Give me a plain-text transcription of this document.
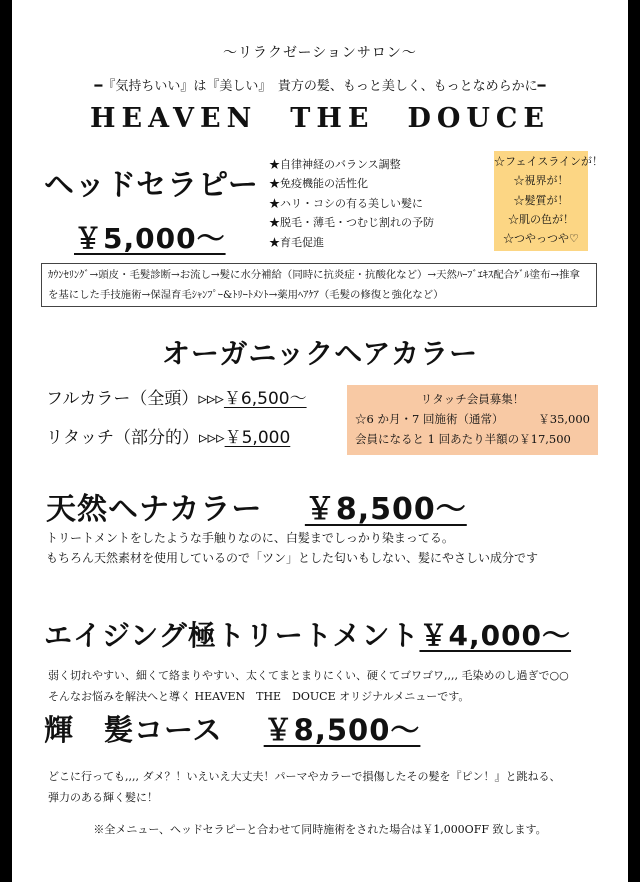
～リラクゼーションサロン～
━『気持ちいい』は『美しい』　貴方の髪、もっと美しく、もっとなめらかに━
HEAVEN　THE　DOUCE
ヘッドセラピー
￥5,000～
★自律神経のバランス調整
★免疫機能の活性化
★ハリ・コシの有る美しい髪に
★脱毛・薄毛・つむじ割れの予防
★育毛促進
☆フェイスラインが！
☆視界が！
☆髪質が！
☆肌の色が！
☆つやっつや♡
ｶｳﾝｾﾘﾝｸﾞ→頭皮・毛髪診断→お流し→髪に水分補給（同時に抗炎症・抗酸化など）→天然ﾊｰﾌﾞｴｷｽ配合ｹﾞﾙ塗布→推拿を基にした手技施術→保湿育毛ｼｬﾝﾌﾟｰ&ﾄﾘｰﾄﾒﾝﾄ→薬用ﾍｱｹｱ（毛髪の修復と強化など）
オーガニックヘアカラー
フルカラー（全頭）▹▹▹￥6,500～
リタッチ（部分的）▹▹▹￥5,000
リタッチ会員募集！
☆6 か月・7 回施術（通常）	￥35,000
会員になると 1 回あたり半額の￥17,500
天然ヘナカラー　 ￥8,500～
トリートメントをしたような手触りなのに、白髪までしっかり染まってる。
もちろん天然素材を使用しているので「ツン」とした匂いもしない、髪にやさしい成分です
エイジング極トリートメント￥4,000～
弱く切れやすい、細くて絡まりやすい、太くてまとまりにくい、硬くてゴワゴワ,,,, 毛染めのし過ぎで○○
そんなお悩みを解決へと導く HEAVEN　THE　DOUCE オリジナルメニューです。
輝　髪コース　 ￥8,500～
どこに行っても,,,, ダメ？！いえいえ大丈夫！パーマやカラーで損傷したその髪を『ピン！』と跳ねる、
弾力のある輝く髪に！
※全メニュー、ヘッドセラピーと合わせて同時施術をされた場合は￥1,000OFF 致します。
